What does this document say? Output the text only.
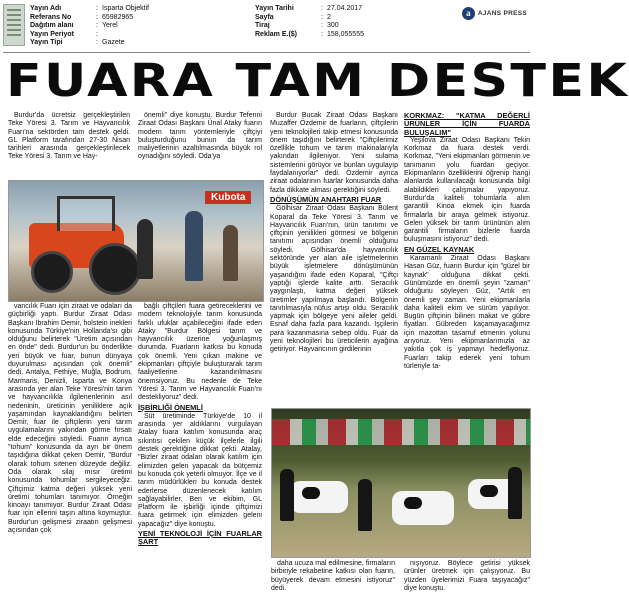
Yayın Adı	: Isparta Objektif
Referans No	: 65982965
Dağıtım alanı	: Yerel
Yayın Periyot	:
Yayın Tipi	: Gazete
Yayın Tarihi	: 27.04.2017
Sayfa	: 2
Tiraj	: 300
Reklam E.($)	: 158,055555
a	AJANS PRESS
FUARA TAM DESTEK

Burdur'da ücretsiz gerçekleştirilen Teke Yöresi 3. Tarım ve Hayvancılık Fuarı'na sektörden tam destek geldi. GL Platform tarafından 27-30 Nisan tarihleri arasında gerçekleştirilecek Teke Yöresi 3. Tarım ve Hay-

önemli" diye konuştu. Burdur Tefenni Ziraat Odası Başkanı Ünal Ataky fuarın modern tarım yöntemleriyle çiftçiyi buluşturduğunu bunun da tarım maliyetlerinin azaltılmasında büyük rol oynadığını söyledi. Oda'ya

Burdur Bucak Ziraat Odası Başkanı Muzaffer Özdemir de fuarların, çiftçilerin yeni teknolojileri takip etmesi konusunda önem taşıdığını belirterek "Çiftçilerimiz özellikle tohum ve tarım makinalarıyla yakından ilgileniyor. Yeni sulama sistemlerini görüyor ve bunları uygulayıp faydalanıyorlar" dedi. Özdemir ayrıca ziraat odalarının fuarlar konusunda daha fazla dikkate alması gerektiğini söyledi.

DÖNÜŞÜMÜN ANAHTARI FUAR

Gölhisar Ziraat Odası Başkanı Bülent Koparal da Teke Yöresi 3. Tarım ve Hayvancılık Fuarı'nın, ürün tanıtımı ve çiftçinin yenilikleri görmesi ve bölgenin tanıtımı açısından önemli olduğunu söyledi. Gölhisar'da hayvancılık sektöründe yer alan aile işletmelerinin büyük işletmelere dönüşümünün yaşandığını ifade eden Koparal, "Çiftçi yaptığı işlerde kalite arttı. Seracılık yaygınlaştı, katma değeri yüksek üretimler yapılmaya başlandı. Bölgenin tanıtılmasıyla nüfus artışı oldu. Seracılık yapmak için bölgeye yeni aileler geldi. Esnaf daha fazla para kazandı. İşçilerin para kazanmasına sebep oldu. Fuar da yeni teknolojileri bu üreticilerin ayağına getiriyor. Hayvancının girdilerinin

KORKMAZ: "KATMA DEĞERLİ ÜRÜNLER İÇİN FUARDA BULUŞALIM"

Yeşilova Ziraat Odası Başkanı Tekin Korkmaz da fuara destek verdi. Korkmaz, "Yeni ekipmanları görmenin ve tanımanın yolu fuardan geçiyor. Ekipmanların özelliklerini öğrenip hangi alanlarda kullanılacağı konusunda bilgi alabildikleri çalışmalar yapıyoruz. Burdur'da kaliteli tohumlarla alım garantili Kinoa ekmek için fuarda firmalarla bir araya gelmek istiyoruz. Gelen yüksek bir tarım ürününün alım garantili firmaların bizlerle fuarda buluşmasını istiyoruz" dedi.

EN GÜZEL KAYNAK

Karamanlı Ziraat Odası Başkanı Hasan Güz, fuarın Burdur için "güzel bir kaynak" olduğuna dikkat çekti. Günümüzde en önemli şeyin "zaman" olduğunu söyleyen Güz, "Artık en önemli şey zaman. Yeni ekipmanlarla daha kaliteli ekim ve sürüm yapılıyor. Bugün çiftçinin bilinen makat ve gübre fiyatları. Gübreden kaçamayacağımız için mazottan tasarruf etmenin yolunu arıyoruz. Yeni ekipmanlarımızla az yakıtla çok iş yapmayı hedefliyoruz. Fuarları takip ederek yeni tohum türleriyle ta-

Kubota

vancılık Fuarı için ziraat ve odaları da güçbirliği yaptı. Burdur Ziraat Odası Başkanı İbrahim Demir, holstein inekleri konusunda Türkiye'nin Hollanda'sı gibi olduğunu belirterek "Üretim açısından en önde" dedi. Burdur'un bu önderlikte yeri büyük ve fuar, bunun dünyaya duyurulması açısından çok önemli" dedi. Antalya, Fethiye, Muğla, Bodrum, Marmaris, Denizli, Isparta ve Konya arasında yer alan Teke Yöresi'nin tarım ve hayvancılıkla ilgilenenlerinin asıl nedeninin, üreticinin yeniliklere açık yaşamından kaynaklandığını belirten Demir, fuar ile çiftçilerin yeni tarım uygulamalarını yakından görme fırsatı elde edeceğini söyledi. Fuarın ayrıca "tohum" konusunda da ayrı bir önem taşıdığına dikkat çeken Demir, "Burdur olarak tohum sıtenen düzeyde değiliz. Oda olarak silaj mısır üretimi konusunda tohumlar sergileyeceğiz. Çiftçimiz katma değeri yüksek yeni üretimi tohumları tanımıyor. Örneğin kinoayı tanımıyor. Burdur Ziraat Odası fuar için ellerini taşın altına koymuştur. Burdur'un gelişmesi ziraatın gelişmesi açısından çok

bağlı çiftçileri fuara getireceklerini ve modern teknolojiyle tarım konusunda farklı ufuklar açabileceğini ifade eden Ataky "Burdur Bölgesi tarım ve hayvancılık üzerine yoğunlaşmış durumda. Fuarların katkısı bu konuda çok önemli. Yeni çıkan makine ve ekipmanları çiftçiyle buluşturarak tarım faaliyetlerine kazandırılmasını önemsiyoruz. Bu nedenle de Teke Yöresi 3. Tarım ve Hayvancılık Fuarı'nı destekliyoruz" dedi.

İŞBİRLİĞİ ÖNEMLİ

Süt üretiminde Türkiye'de 10 il arasında yer aldıklarını vurgulayan Atalay fuara katılım konusunda araç sıkıntısı çekilen küçük ilçelerle ilgili destek gerektiğine dikkat çekti. Atalay, "Bizler ziraat odaları olarak katılım için elimizden gelen yapacak da bütçemiz bu konuda çok yeterli olmuyor. İlçe ve il tarım müdürlükleri bu konuda destek ederlerse düzenlenecek katılım sağlayabilirler. Ben ve ekibim, GL Platform ile işbirliği içinde çiftçimizi fuara getirmek için elimizden geleni yapacağız" diye konuştu.

YENİ TEKNOLOJİ İÇİN FUARLAR ŞART

daha ucuza mal edilmesine, firmaların birbiriyle rekabetine katkısı olan fuarın, büyüyerek devam etmesini istiyoruz" dedi.

nışıyoruz. Böylece getirisi yüksek ürünler üretmek için çalışıyoruz. Bu yüzden üyelerimizi Fuara taşıyacağız" diye konuştu.
